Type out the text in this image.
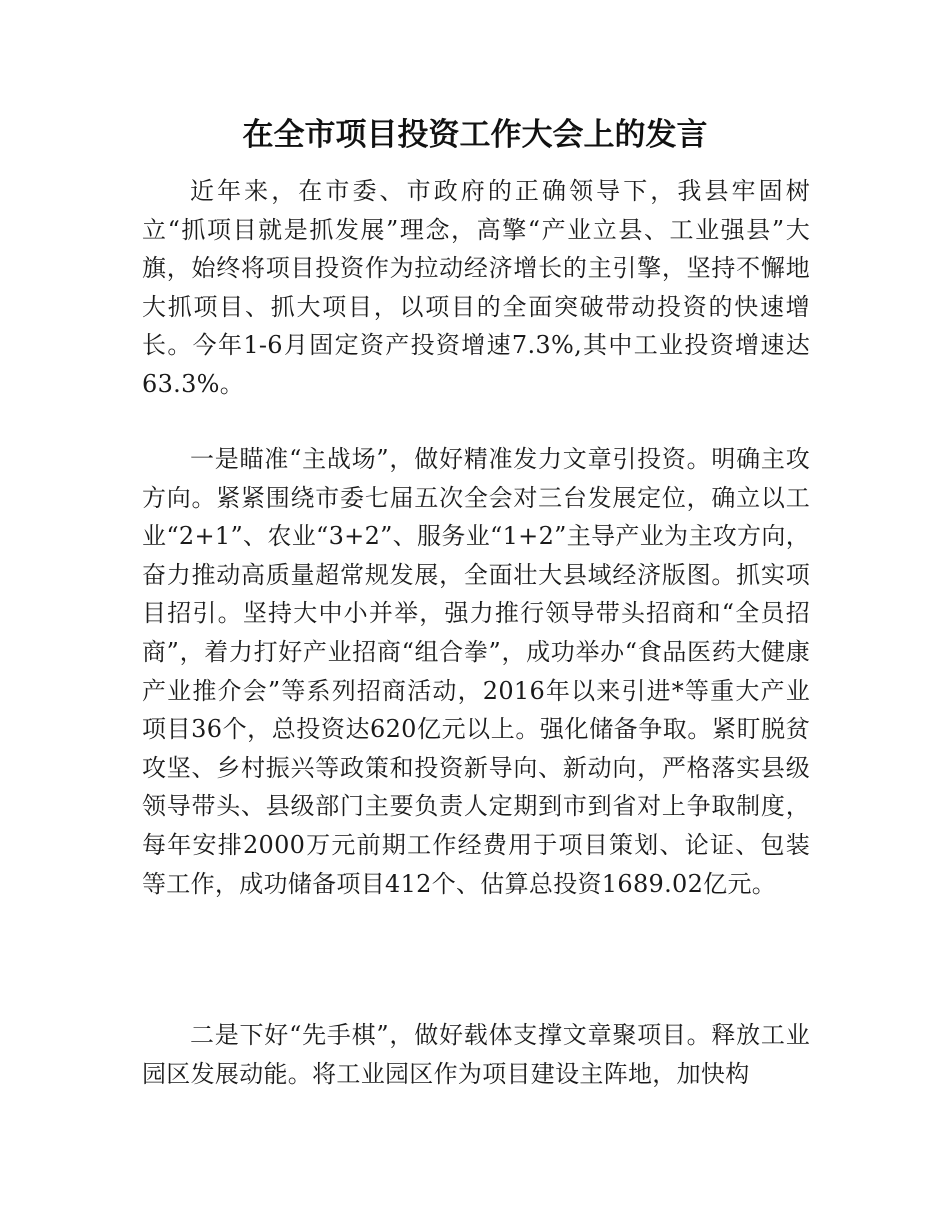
在全市项目投资工作大会上的发言

近年来，在市委、市政府的正确领导下，我县牢固树立“抓项目就是抓发展”理念，高擎“产业立县、工业强县”大旗，始终将项目投资作为拉动经济增长的主引擎，坚持不懈地大抓项目、抓大项目，以项目的全面突破带动投资的快速增长。今年1-6月固定资产投资增速7.3%,其中工业投资增速达63.3%。

一是瞄准“主战场”，做好精准发力文章引投资。明确主攻方向。紧紧围绕市委七届五次全会对三台发展定位，确立以工业“2+1”、农业“3+2”、服务业“1+2”主导产业为主攻方向，奋力推动高质量超常规发展，全面壮大县域经济版图。抓实项目招引。坚持大中小并举，强力推行领导带头招商和“全员招商”，着力打好产业招商“组合拳”，成功举办“食品医药大健康产业推介会”等系列招商活动，2016年以来引进*等重大产业项目36个，总投资达620亿元以上。强化储备争取。紧盯脱贫攻坚、乡村振兴等政策和投资新导向、新动向，严格落实县级领导带头、县级部门主要负责人定期到市到省对上争取制度，每年安排2000万元前期工作经费用于项目策划、论证、包装等工作，成功储备项目412个、估算总投资1689.02亿元。

二是下好“先手棋”，做好载体支撑文章聚项目。释放工业园区发展动能。将工业园区作为项目建设主阵地，加快构
